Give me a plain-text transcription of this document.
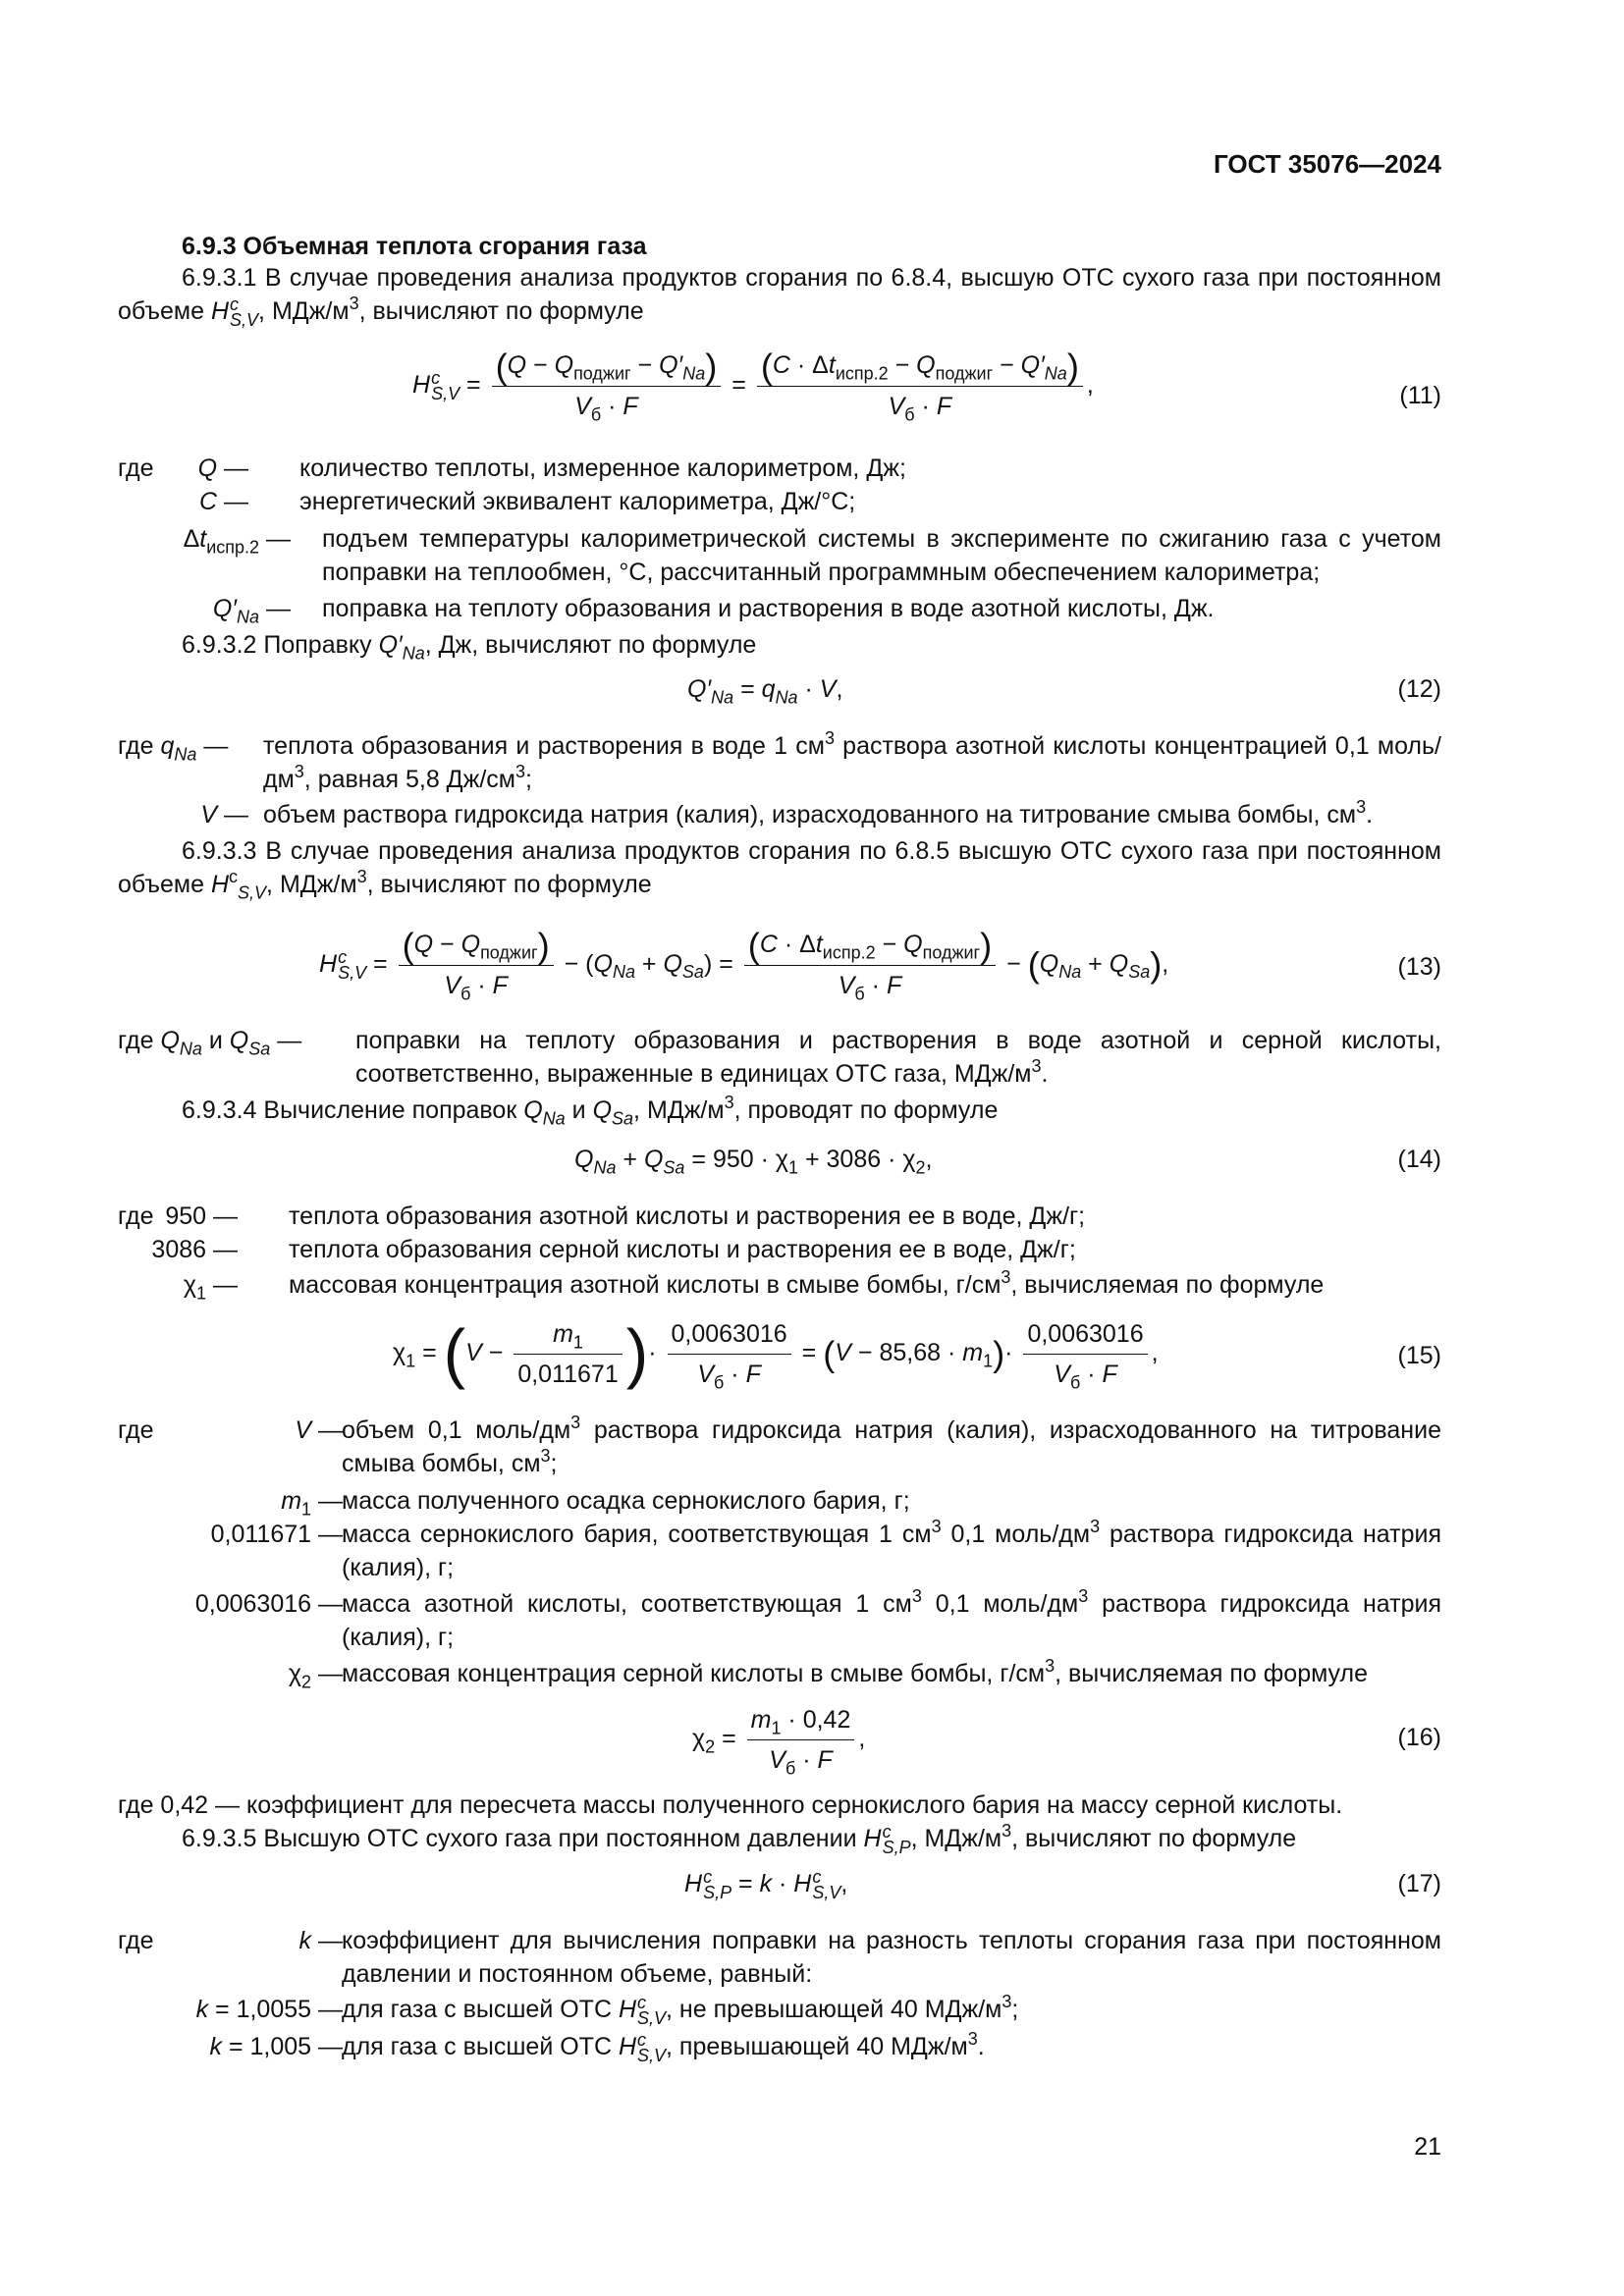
ГОСТ 35076—2024
6.9.3 Объемная теплота сгорания газа
6.9.3.1 В случае проведения анализа продуктов сгорания по 6.8.4, высшую ОТС сухого газа при постоянном объеме H c
S,V , МДж/$м^3$, вычисляют по формуле
H c
$S,V = \frac{(Q - Q_{поджиг} - Q'_{Na})}{V_б \cdot F} = \frac{(C \cdot \Delta t_{испр.2} - Q_{поджиг} - Q'_{Na})}{V_б \cdot F}$ ,	(11)
где Q — количество теплоты, измеренное калориметром, Дж;
C — энергетический эквивалент калориметра, Дж/°С;
$\Delta t_{испр.2}$ — подъем температуры калориметрической системы в эксперименте по сжиганию газа с учетом поправки на теплообмен, °С, рассчитанный программным обеспечением калориметра;
$Q'_{Na}$ — поправка на теплоту образования и растворения в воде азотной кислоты, Дж.
6.9.3.2 Поправку $Q'_{Na}$, Дж, вычисляют по формуле
$Q'_{Na} = q_{Na} \cdot V$,	(12)
где $q_{Na}$ — теплота образования и растворения в воде 1 $см^3$ раствора азотной кислоты концентрацией 0,1 моль/$дм^3$, равная 5,8 $Дж/см^3$;
V — объем раствора гидроксида натрия (калия), израсходованного на титрование смыва бомбы, $см^3$.
6.9.3.3 В случае проведения анализа продуктов сгорания по 6.8.5 высшую ОТС сухого газа при постоянном объеме $H^c_{S,V}$, МДж/$м^3$, вычисляют по формуле
H c
$S,V = \frac{(Q - Q_{поджиг})}{V_б \cdot F} - (Q_{Na} + Q_{Sa}) = \frac{(C \cdot \Delta t_{испр.2} - Q_{поджиг})}{V_б \cdot F} - (Q_{Na} + Q_{Sa})$,	(13)
где $Q_{Na}$ и $Q_{Sa}$ — поправки на теплоту образования и растворения в воде азотной и серной кислоты, соответственно, выраженные в единицах ОТС газа, МДж/$м^3$.
6.9.3.4 Вычисление поправок $Q_{Na}$ и $Q_{Sa}$, МДж/$м^3$, проводят по формуле
$Q_{Na} + Q_{Sa} = 950 \cdot \chi_1 + 3086 \cdot \chi_2$,	(14)
где 950 — теплота образования азотной кислоты и растворения ее в воде, Дж/г;
3086 — теплота образования серной кислоты и растворения ее в воде, Дж/г;
$\chi_1$ — массовая концентрация азотной кислоты в смыве бомбы, $г/см^3$, вычисляемая по формуле
$\chi_1 = (V - \frac{m_1}{0,011671}$ )· $\frac{0,0063016}{V_б \cdot F} = (V - 85,68 \cdot m_1)\cdot \frac{0,0063016}{V_б \cdot F}$ ,	(15)
где	V — объем 0,1 моль/$дм^3$ раствора гидроксида натрия (калия), израсходованного на титрование смыва бомбы, $см^3$;
$m_1$ — масса полученного осадка сернокислого бария, г;
0,011671 — масса сернокислого бария, соответствующая 1 $см^3$ 0,1 моль/$дм^3$ раствора гидроксида натрия (калия), г;
0,0063016 — масса азотной кислоты, соответствующая 1 $см^3$ 0,1 моль/$дм^3$ раствора гидроксида натрия (калия), г;
$\chi_2$ — массовая концентрация серной кислоты в смыве бомбы, $г/см^3$, вычисляемая по формуле
$\chi_2 = \frac{m_1 \cdot 0,42}{V_б \cdot F}$ ,	(16)
где 0,42 — коэффициент для пересчета массы полученного сернокислого бария на массу серной кислоты.
6.9.3.5 Высшую ОТС сухого газа при постоянном давлении H c
S,P , МДж/$м^3$, вычисляют по формуле
H c
S,P = k · H c
S,V ,	(17)
где	k — коэффициент для вычисления поправки на разность теплоты сгорания газа при постоянном давлении и постоянном объеме, равный:
k = 1,0055 — для газа с высшей ОТС H c
S,V , не превышающей 40 МДж/$м^3$;
k = 1,005 — для газа с высшей ОТС H c
S,V , превышающей 40 МДж/$м^3$.
21
